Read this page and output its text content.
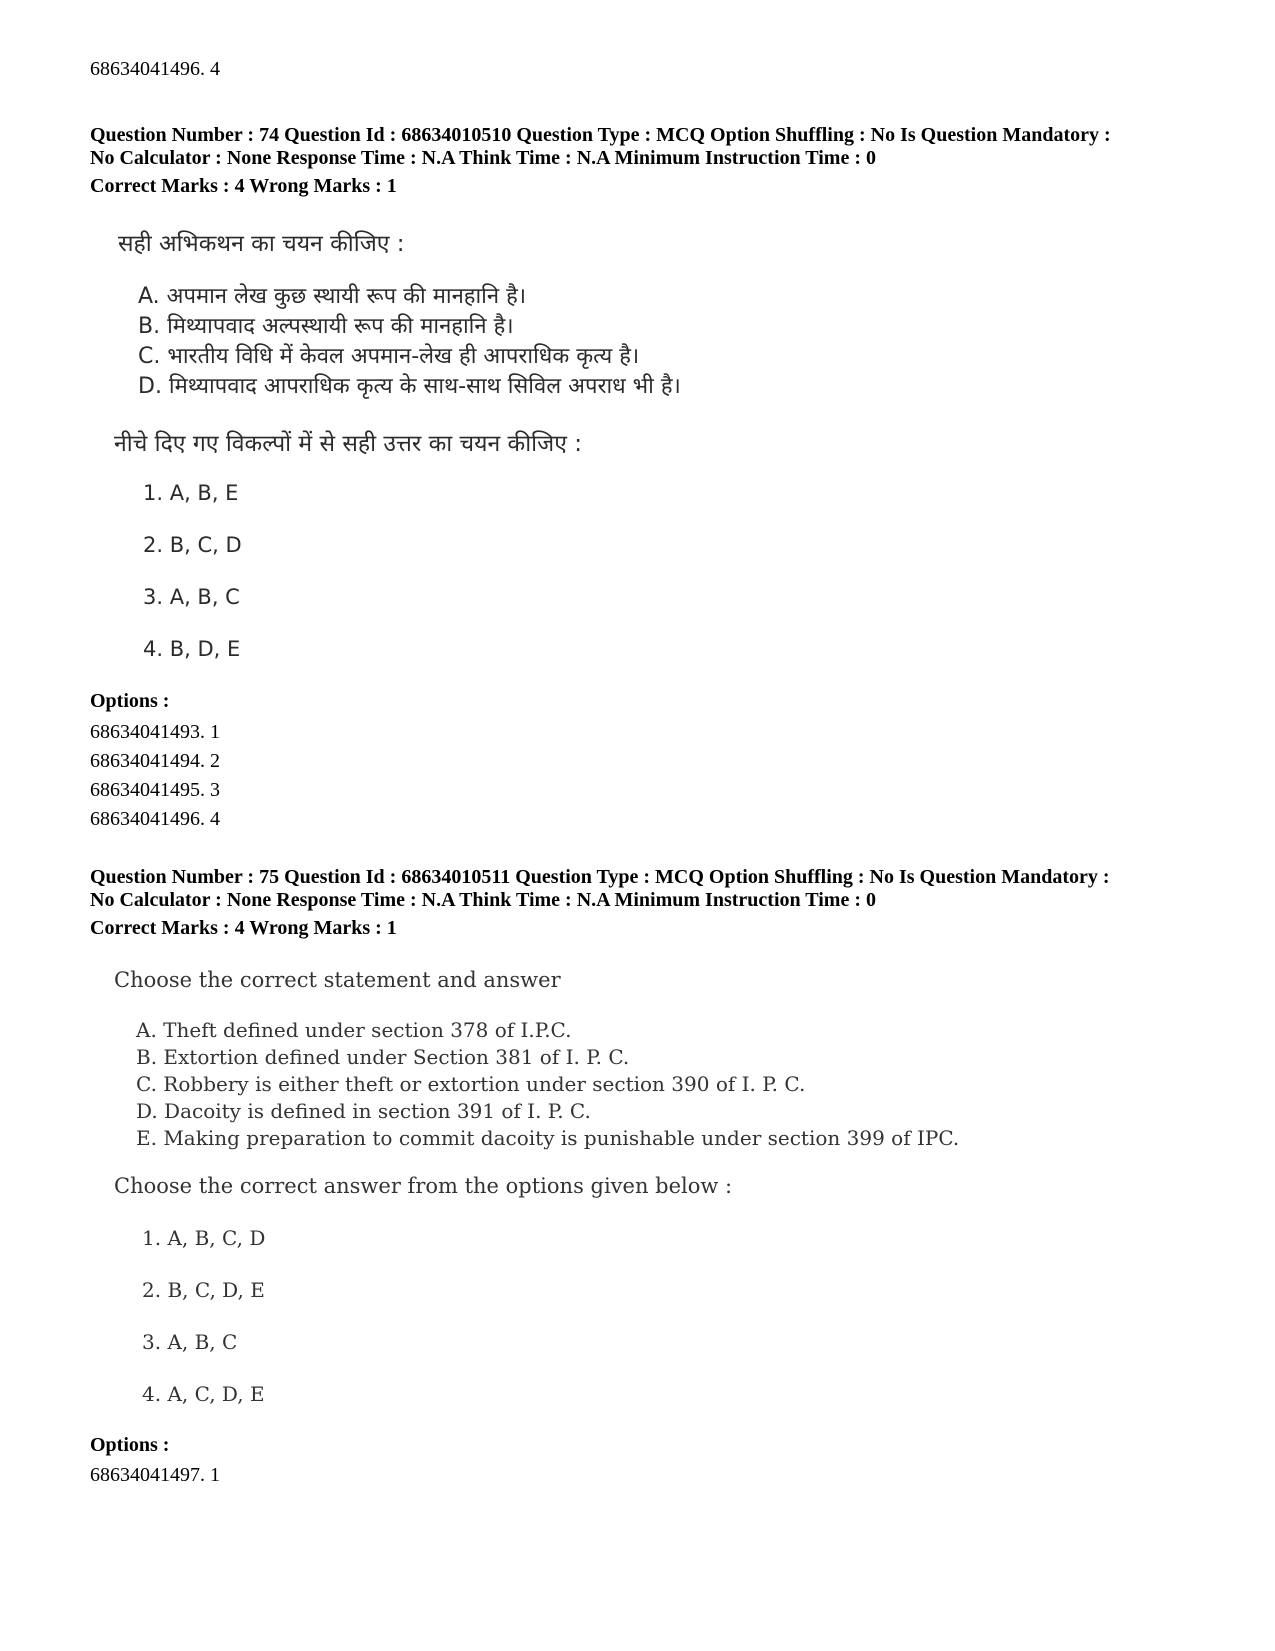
68634041496. 4

Question Number : 74 Question Id : 68634010510 Question Type : MCQ Option Shuffling : No Is Question Mandatory :

No Calculator : None Response Time : N.A Think Time : N.A Minimum Instruction Time : 0

Correct Marks : 4 Wrong Marks : 1

सही अभिकथन का चयन कीजिए :

A. अपमान लेख कुछ स्थायी रूप की मानहानि है।

B. मिथ्यापवाद अल्पस्थायी रूप की मानहानि है।

C. भारतीय विधि में केवल अपमान-लेख ही आपराधिक कृत्य है।

D. मिथ्यापवाद आपराधिक कृत्य के साथ-साथ सिविल अपराध भी है।

नीचे दिए गए विकल्पों में से सही उत्तर का चयन कीजिए :

1. A, B, E

2. B, C, D

3. A, B, C

4. B, D, E

Options :

68634041493. 1
68634041494. 2
68634041495. 3
68634041496. 4

Question Number : 75 Question Id : 68634010511 Question Type : MCQ Option Shuffling : No Is Question Mandatory :

No Calculator : None Response Time : N.A Think Time : N.A Minimum Instruction Time : 0

Correct Marks : 4 Wrong Marks : 1

Choose the correct statement and answer

A. Theft defined under section 378 of I.P.C.

B. Extortion defined under Section 381 of I. P. C.

C. Robbery is either theft or extortion under section 390 of I. P. C.

D. Dacoity is defined in section 391 of I. P. C.

E. Making preparation to commit dacoity is punishable under section 399 of IPC.

Choose the correct answer from the options given below :

1. A, B, C, D

2. B, C, D, E

3. A, B, C

4. A, C, D, E

Options :

68634041497. 1
